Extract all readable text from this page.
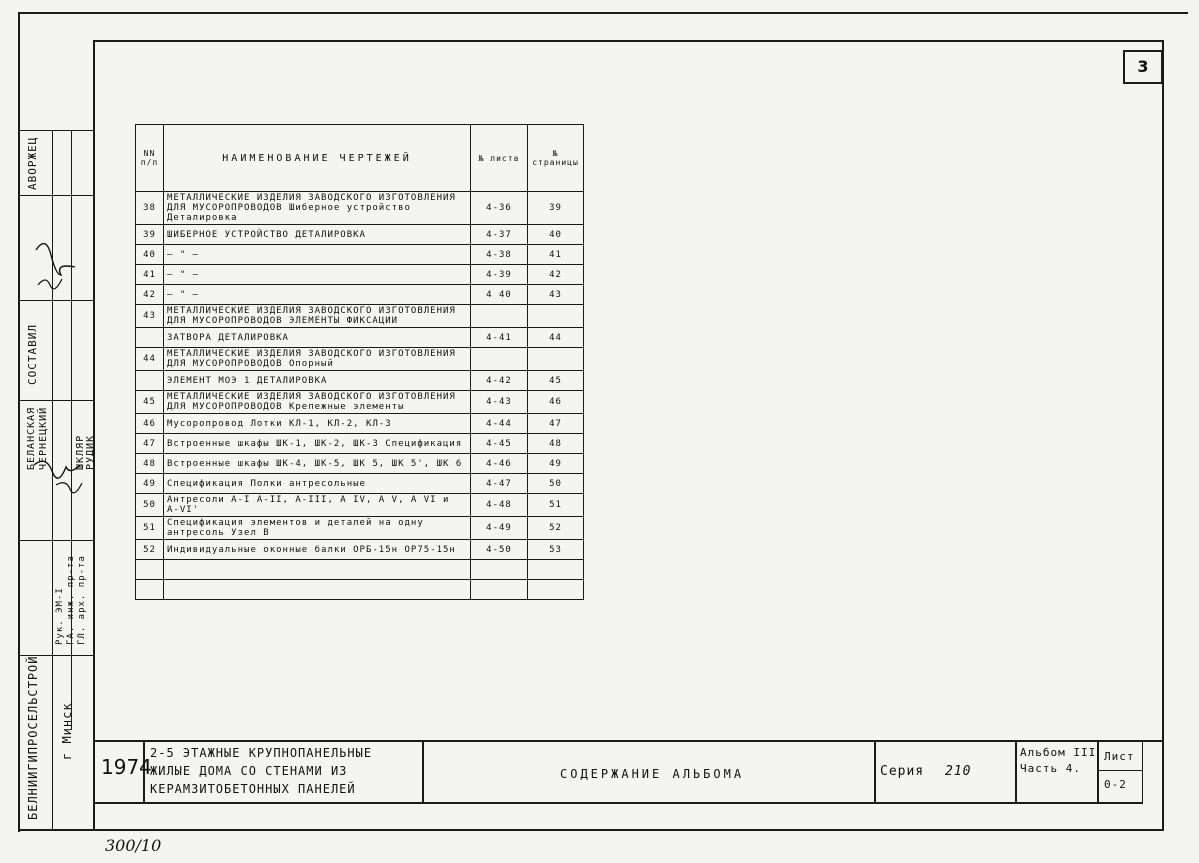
3
АВОРЖЕЦ
СОСТАВИЛ
БЕЛАНСКАЯ ЧЕРНЕЦКИЙ	ШКЛЯР РУДИК
Рук. ЭМ-I ГА. инж. пр-та ГЛ. арх. пр-та
БЕЛНИИГИПРОСЕЛЬСТРОЙ г Минск
NN п/п	НАИМЕНОВАНИЕ ЧЕРТЕЖЕЙ	№ листа	№ страницы
38	МЕТАЛЛИЧЕСКИЕ ИЗДЕЛИЯ ЗАВОДСКОГО ИЗГОТОВЛЕНИЯ ДЛЯ МУСОРОПРОВОДОВ Шиберное устройство Деталировка	4-36	39
39	ШИБЕРНОЕ УСТРОЙСТВО ДЕТАЛИРОВКА	4-37	40
40	— " —	4-38	41
41	— " —	4-39	42
42	— " —	4 40	43
43	МЕТАЛЛИЧЕСКИЕ ИЗДЕЛИЯ ЗАВОДСКОГО ИЗГОТОВЛЕНИЯ ДЛЯ МУСОРОПРОВОДОВ ЭЛЕМЕНТЫ ФИКСАЦИИ		
	ЗАТВОРА ДЕТАЛИРОВКА	4-41	44
44	МЕТАЛЛИЧЕСКИЕ ИЗДЕЛИЯ ЗАВОДСКОГО ИЗГОТОВЛЕНИЯ ДЛЯ МУСОРОПРОВОДОВ Опорный		
	ЭЛЕМЕНТ МОЭ 1 ДЕТАЛИРОВКА	4-42	45
45	МЕТАЛЛИЧЕСКИЕ ИЗДЕЛИЯ ЗАВОДСКОГО ИЗГОТОВЛЕНИЯ ДЛЯ МУСОРОПРОВОДОВ Крепежные элементы	4-43	46
46	Мусоропровод Лотки КЛ-1, КЛ-2, КЛ-3	4-44	47
47	Встроенные шкафы ШК-1, ШК-2, ШК-3 Спецификация	4-45	48
48	Встроенные шкафы ШК-4, ШК-5, ШК 5, ШК 5', ШК 6	4-46	49
49	Спецификация Полки антресольные	4-47	50
50	Антресоли А-I А-II, А-III, А IV, А V, А VI и А-VI'	4-48	51
51	Спецификация элементов и деталей на одну антресоль Узел В	4-49	52
52	Индивидуальные оконные балки ОРБ-15н ОР75-15н	4-50	53

1974
2-5 ЭТАЖНЫЕ КРУПНОПАНЕЛЬНЫЕ ЖИЛЫЕ ДОМА СО СТЕНАМИ ИЗ КЕРАМЗИТОБЕТОННЫХ ПАНЕЛЕЙ
СОДЕРЖАНИЕ АЛЬБОМА	Серия 210
Альбом III
Часть 4.
Лист
0-2
300/10
